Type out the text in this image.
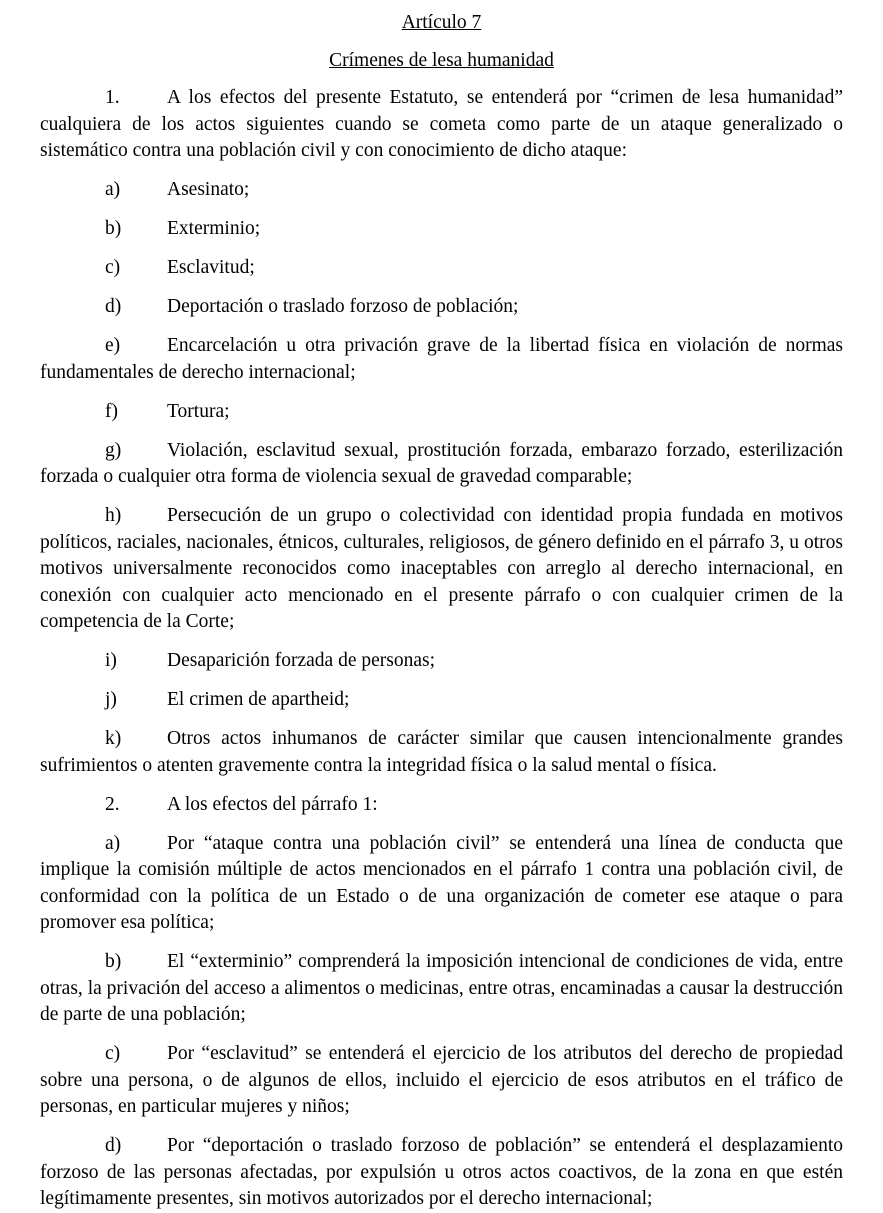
Artículo 7

Crímenes de lesa humanidad

1. A los efectos del presente Estatuto, se entenderá por “crimen de lesa humanidad” cualquiera de los actos siguientes cuando se cometa como parte de un ataque generalizado o sistemático contra una población civil y con conocimiento de dicho ataque:

a) Asesinato;

b) Exterminio;

c) Esclavitud;

d) Deportación o traslado forzoso de población;

e) Encarcelación u otra privación grave de la libertad física en violación de normas fundamentales de derecho internacional;

f)	Tortura;

g) Violación, esclavitud sexual, prostitución forzada, embarazo forzado, esterilización forzada o cualquier otra forma de violencia sexual de gravedad comparable;

h) Persecución de un grupo o colectividad con identidad propia fundada en motivos políticos, raciales, nacionales, étnicos, culturales, religiosos, de género definido en el párrafo 3, u otros motivos universalmente reconocidos como inaceptables con arreglo al derecho internacional, en conexión con cualquier acto mencionado en el presente párrafo o con cualquier crimen de la competencia de la Corte;

i)	Desaparición forzada de personas;

j)	El crimen de apartheid;

k) Otros actos inhumanos de carácter similar que causen intencionalmente grandes sufrimientos o atenten gravemente contra la integridad física o la salud mental o física.

2. A los efectos del párrafo 1:

a) Por “ataque contra una población civil” se entenderá una línea de conducta que implique la comisión múltiple de actos mencionados en el párrafo 1 contra una población civil, de conformidad con la política de un Estado o de una organización de cometer ese ataque o para promover esa política;

b) El “exterminio” comprenderá la imposición intencional de condiciones de vida, entre otras, la privación del acceso a alimentos o medicinas, entre otras, encaminadas a causar la destrucción de parte de una población;

c) Por “esclavitud” se entenderá el ejercicio de los atributos del derecho de propiedad sobre una persona, o de algunos de ellos, incluido el ejercicio de esos atributos en el tráfico de personas, en particular mujeres y niños;

d) Por “deportación o traslado forzoso de población” se entenderá el desplazamiento forzoso de las personas afectadas, por expulsión u otros actos coactivos, de la zona en que estén legítimamente presentes, sin motivos autorizados por el derecho internacional;
